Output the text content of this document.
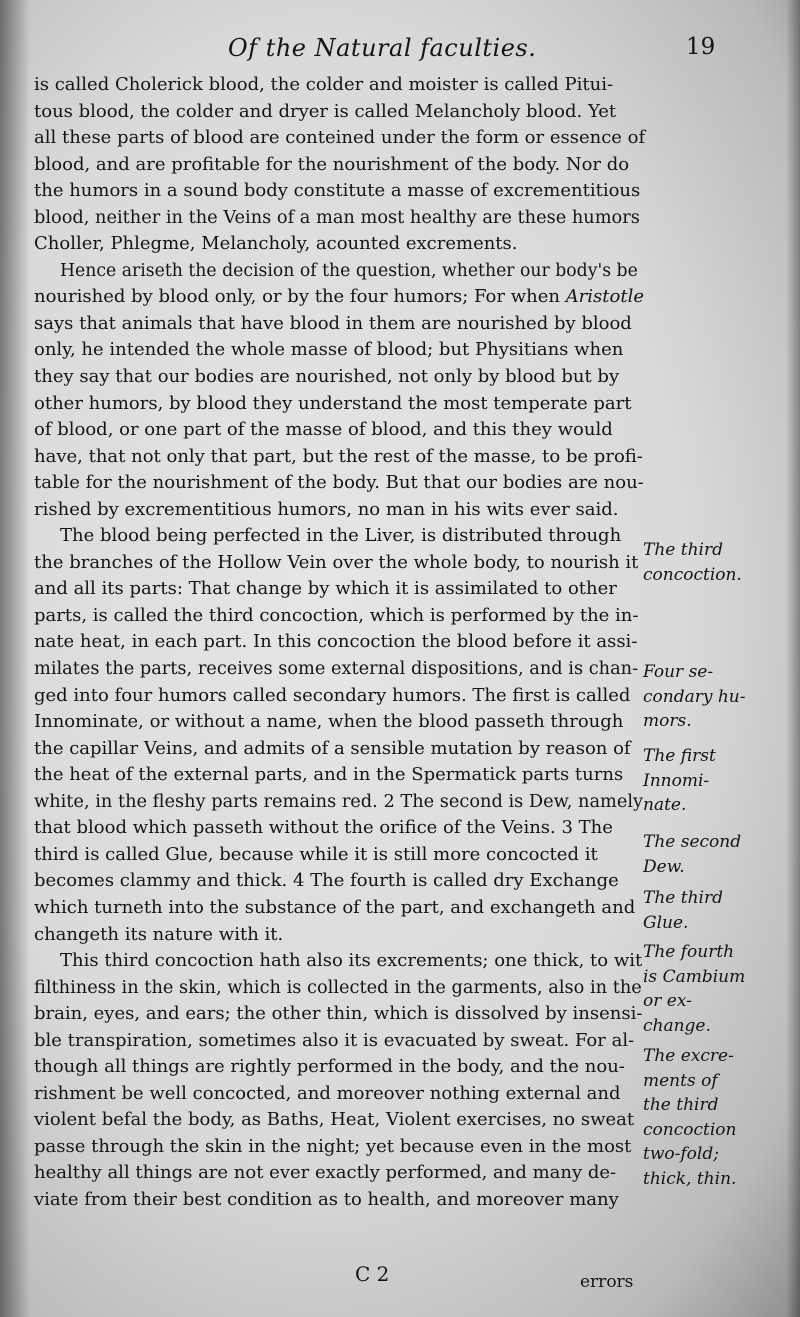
Of the Natural faculties.	19
is called Cholerick blood, the colder and moister is called Pitui-
tous blood, the colder and dryer is called Melancholy blood. Yet
all these parts of blood are conteined under the form or essence of
blood, and are profitable for the nourishment of the body. Nor do
the humors in a sound body constitute a masse of excrementitious
blood, neither in the Veins of a man most healthy are these humors
Choller, Phlegme, Melancholy, acounted excrements.
Hence ariseth the decision of the question, whether our body's be
nourished by blood only, or by the four humors; For when Aristotle
says that animals that have blood in them are nourished by blood
only, he intended the whole masse of blood; but Physitians when
they say that our bodies are nourished, not only by blood but by
other humors, by blood they understand the most temperate part
of blood, or one part of the masse of blood, and this they would
have, that not only that part, but the rest of the masse, to be profi-
table for the nourishment of the body. But that our bodies are nou-
rished by excrementitious humors, no man in his wits ever said.
The blood being perfected in the Liver, is distributed through
the branches of the Hollow Vein over the whole body, to nourish it
and all its parts: That change by which it is assimilated to other
parts, is called the third concoction, which is performed by the in-
nate heat, in each part. In this concoction the blood before it assi-
milates the parts, receives some external dispositions, and is chan-
ged into four humors called secondary humors. The first is called
Innominate, or without a name, when the blood passeth through
the capillar Veins, and admits of a sensible mutation by reason of
the heat of the external parts, and in the Spermatick parts turns
white, in the fleshy parts remains red. 2 The second is Dew, namely
that blood which passeth without the orifice of the Veins. 3 The
third is called Glue, because while it is still more concocted it
becomes clammy and thick. 4 The fourth is called dry Exchange
which turneth into the substance of the part, and exchangeth and
changeth its nature with it.
This third concoction hath also its excrements; one thick, to wit
filthiness in the skin, which is collected in the garments, also in the
brain, eyes, and ears; the other thin, which is dissolved by insensi-
ble transpiration, sometimes also it is evacuated by sweat. For al-
though all things are rightly performed in the body, and the nou-
rishment be well concocted, and moreover nothing external and
violent befal the body, as Baths, Heat, Violent exercises, no sweat
passe through the skin in the night; yet because even in the most
healthy all things are not ever exactly performed, and many de-
viate from their best condition as to health, and moreover many
The third
concoction.
Four se-
condary hu-
mors.
The first
Innomi-
nate.
The second
Dew.
The third
Glue.
The fourth
is Cambium
or ex-
change.
The excre-
ments of
the third
concoction
two-fold;
thick, thin.
C 2	errors
